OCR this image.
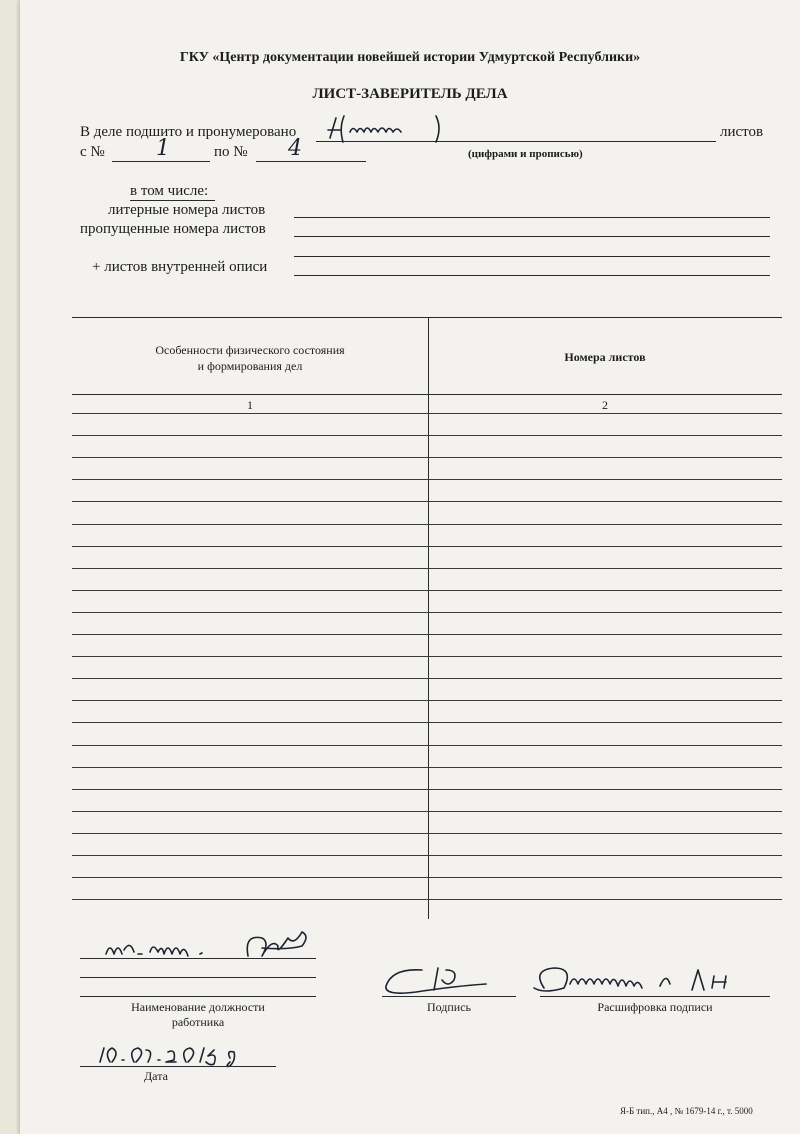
ГКУ «Центр документации новейшей истории Удмуртской Республики»
ЛИСТ-ЗАВЕРИТЕЛЬ ДЕЛА
В деле подшито и пронумеровано	листов
с № 1	по № 4	(цифрами и прописью)
в том числе:
литерные номера листов
пропущенные номера листов
+ листов внутренней описи
Особенности физического состояния
и формирования дел
Номера листов
1	2
Наименование должности
работника
Подпись	Расшифровка подписи
Дата
Я-Б тип., А4 , № 1679-14 г., т. 5000
